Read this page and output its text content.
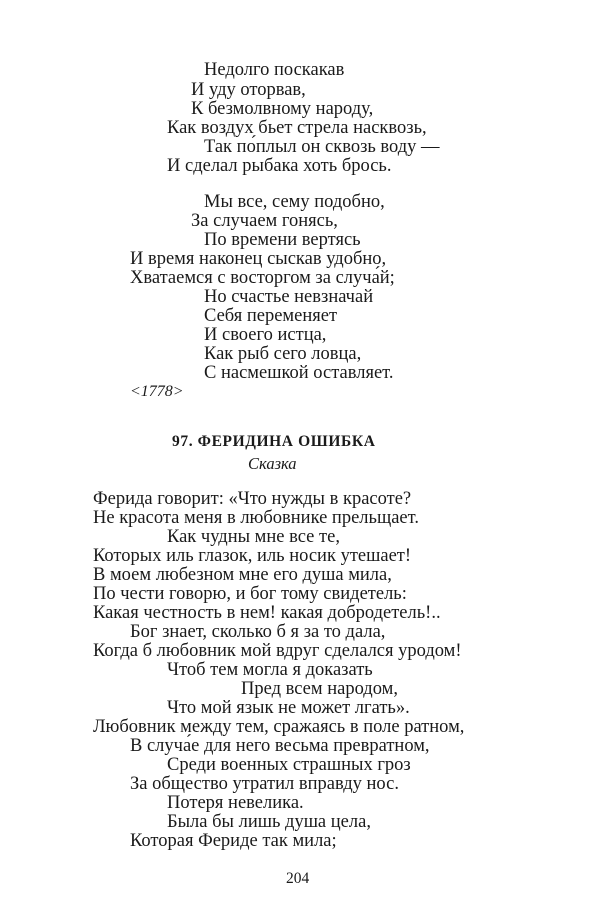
Недолго поскакав
И уду оторвав,
К безмолвному народу,
Как воздух бьет стрела насквозь,
Так по́плыл он сквозь воду —
И сделал рыбака хоть брось.
Мы все, сему подобно,
За случаем гонясь,
По времени вертясь
И время наконец сыскав удобно,
Хватаемся с восторгом за случа́й;
Но счастье невзначай
Себя переменяет
И своего истца,
Как рыб сего ловца,
С насмешкой оставляет.
<1778>
97. ФЕРИДИНА ОШИБКА
Сказка
Ферида говорит: «Что нужды в красоте?
Не красота меня в любовнике прельщает.
Как чудны мне все те,
Которых иль глазок, иль носик утешает!
В моем любезном мне его душа мила,
По чести говорю, и бог тому свидетель:
Какая честность в нем! какая добродетель!..
Бог знает, сколько б я за то дала,
Когда б любовник мой вдруг сделался уродом!
Чтоб тем могла я доказать
Пред всем народом,
Что мой язык не может лгать».
Любовник между тем, сражаясь в поле ратном,
В случа́е для него весьма превратном,
Среди военных страшных гроз
За общество утратил вправду нос.
Потеря невелика.
Была бы лишь душа цела,
Которая Фериде так мила;
204
